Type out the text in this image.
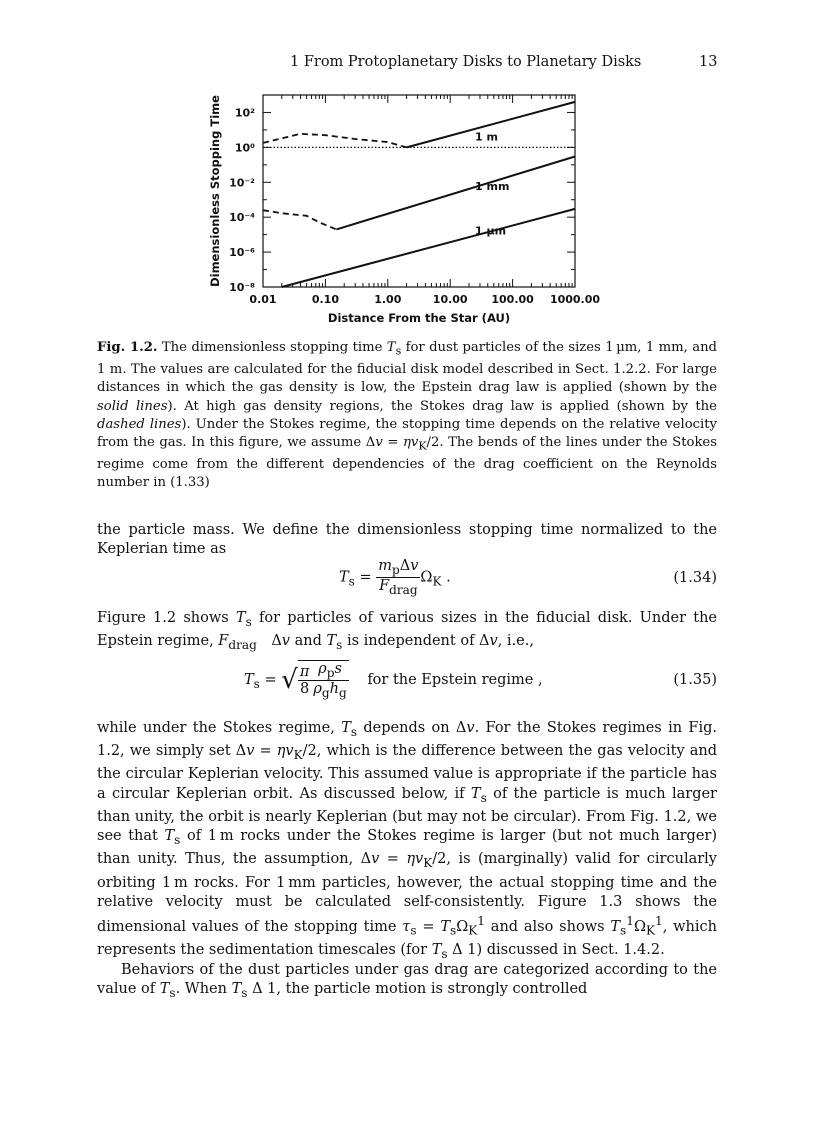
1 From Protoplanetary Disks to Planetary Disks	13
0.01	0.10	1.00	10.00 100.00 1000.00
10²
10⁰
10⁻²
10⁻⁴
10⁻⁶
10⁻⁸
1 m
1 mm
1 µm
Distance From the Star (AU)
Dimensionless Stopping Time
Fig. 1.2. The dimensionless stopping time $T_s$ for dust particles of the sizes 1 µm, 1 mm, and 1 m. The values are calculated for the fiducial disk model described in Sect. 1.2.2. For large distances in which the gas density is low, the Epstein drag law is applied (shown by the solid lines). At high gas density regions, the Stokes drag law is applied (shown by the dashed lines). Under the Stokes regime, the stopping time depends on the relative velocity from the gas. In this figure, we assume $\Delta v = \eta v_K/2$. The bends of the lines under the Stokes regime come from the different dependencies of the drag coefficient on the Reynolds number in (1.33)

the particle mass. We define the dimensionless stopping time normalized to the Keplerian time as

$T_s = \frac{m_p\Delta v}{F_{drag}} \Omega_K$ .	(1.34)

Figure 1.2 shows $T_s$ for particles of various sizes in the fiducial disk. Under the Epstein regime, $F_{drag}$ Δv and $T_s$ is independent of Δv, i.e.,

$T_s$ = √ $\frac{\pi}{8} \frac{\rho_ps}{\rho_gh_g}$ for the Epstein regime ,	(1.35)

while under the Stokes regime, $T_s$ depends on Δv. For the Stokes regimes in Fig. 1.2, we simply set $\Delta v = \eta v_K/2$, which is the difference between the gas velocity and the circular Keplerian velocity. This assumed value is appropriate if the particle has a circular Keplerian orbit. As discussed below, if $T_s$ of the particle is much larger than unity, the orbit is nearly Keplerian (but may not be circular). From Fig. 1.2, we see that $T_s$ of 1 m rocks under the Stokes regime is larger (but not much larger) than unity. Thus, the assumption, $\Delta v = \eta v_K/2$, is (marginally) valid for circularly orbiting 1 m rocks. For 1 mm particles, however, the actual stopping time and the relative velocity must be calculated self-consistently. Figure 1.3 shows the dimensional values of the stopping time $\tau_s = T_s\Omega_K^1$ and also shows $T_s^1\Omega_K^1$, which represents the sedimentation timescales (for $T_s$ Δ 1) discussed in Sect. 1.4.2.

Behaviors of the dust particles under gas drag are categorized according to the value of $T_s$. When $T_s$ Δ 1, the particle motion is strongly controlled
